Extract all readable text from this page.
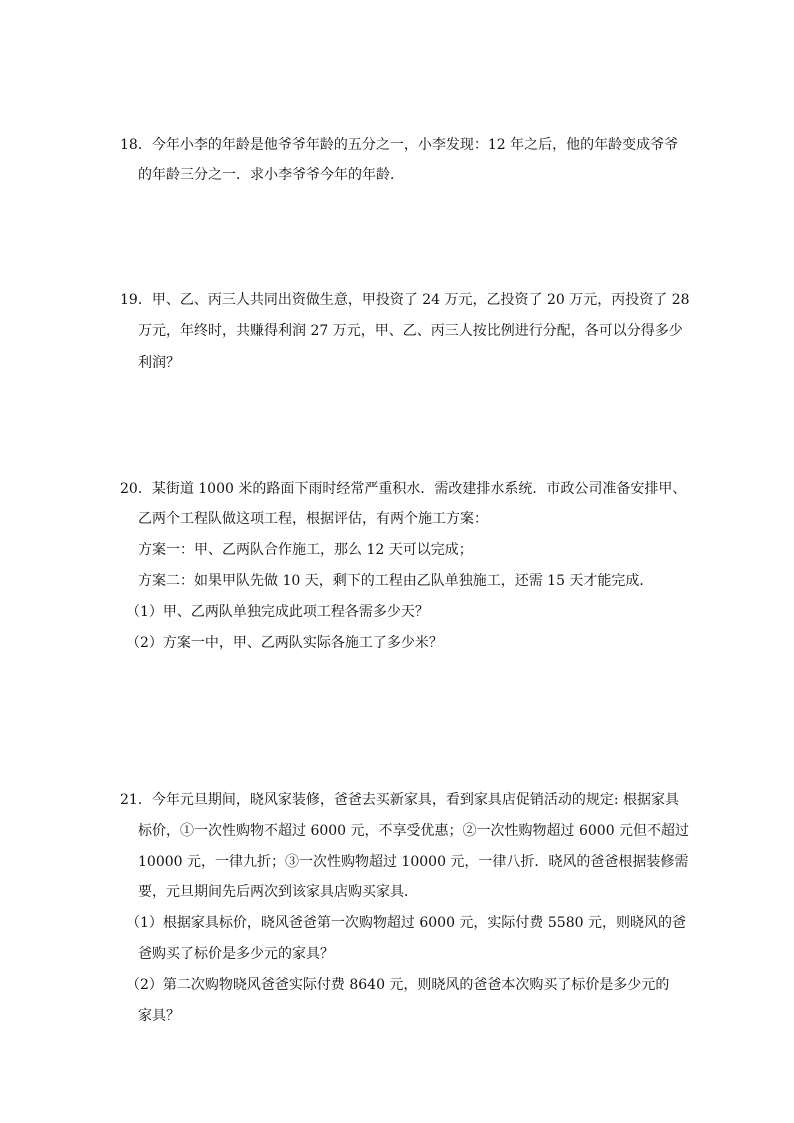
18．今年小李的年龄是他爷爷年龄的五分之一，小李发现：12 年之后，他的年龄变成爷爷
的年龄三分之一．求小李爷爷今年的年龄．
19．甲、乙、丙三人共同出资做生意，甲投资了 24 万元，乙投资了 20 万元，丙投资了 28
万元，年终时，共赚得利润 27 万元，甲、乙、丙三人按比例进行分配，各可以分得多少
利润？
20．某街道 1000 米的路面下雨时经常严重积水．需改建排水系统．市政公司准备安排甲、
乙两个工程队做这项工程，根据评估，有两个施工方案：
方案一：甲、乙两队合作施工，那么 12 天可以完成；
方案二：如果甲队先做 10 天，剩下的工程由乙队单独施工，还需 15 天才能完成．
（1）甲、乙两队单独完成此项工程各需多少天？
（2）方案一中，甲、乙两队实际各施工了多少米？
21．今年元旦期间，晓风家装修，爸爸去买新家具，看到家具店促销活动的规定: 根据家具
标价，①一次性购物不超过 6000 元，不享受优惠；②一次性购物超过 6000 元但不超过
10000 元，一律九折；③一次性购物超过 10000 元，一律八折．晓风的爸爸根据装修需
要，元旦期间先后两次到该家具店购买家具．
（1）根据家具标价，晓风爸爸第一次购物超过 6000 元，实际付费 5580 元，则晓风的爸
爸购买了标价是多少元的家具？
（2）第二次购物晓风爸爸实际付费 8640 元，则晓风的爸爸本次购买了标价是多少元的
家具？
